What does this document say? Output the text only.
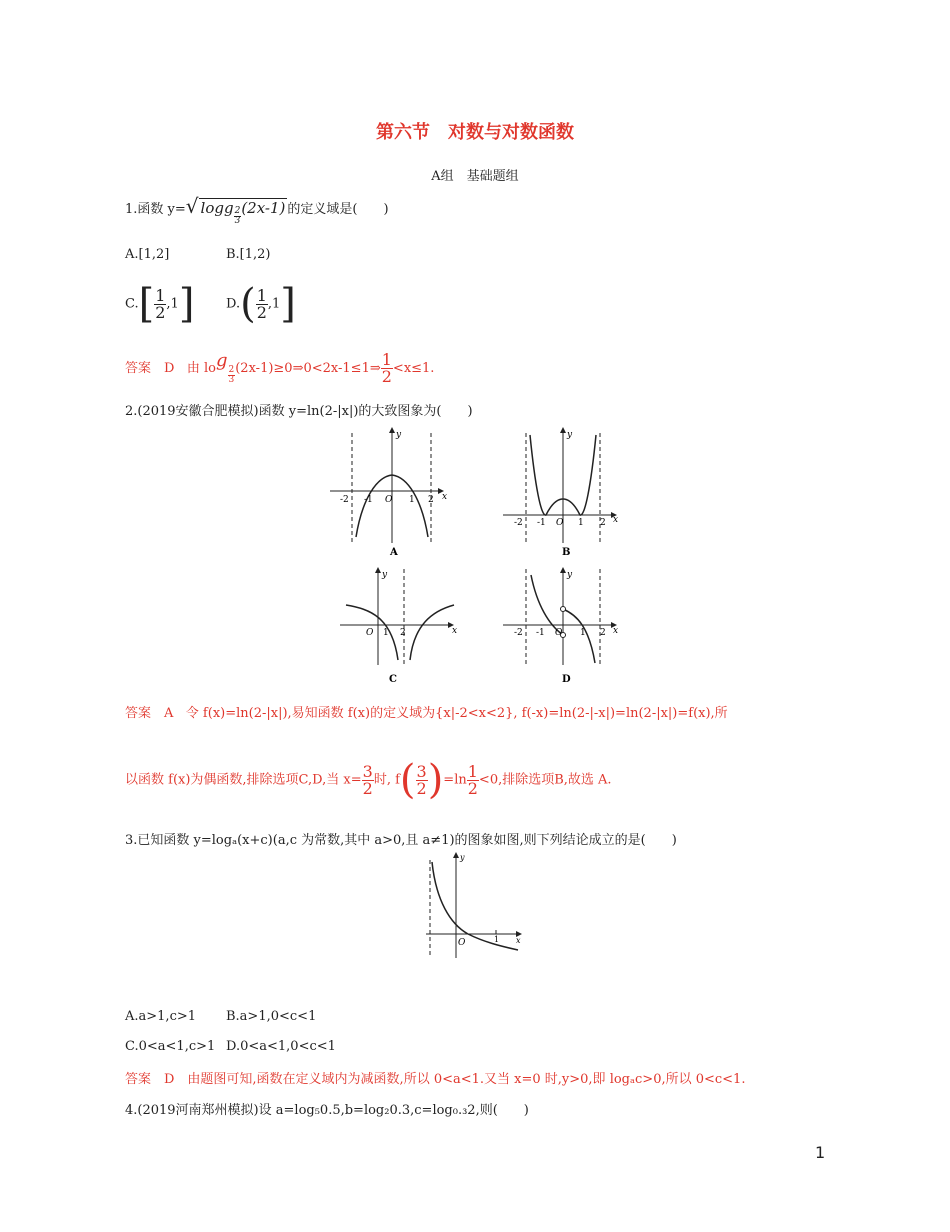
第六节　对数与对数函数
A组　基础题组
1.函数 y=√ logg $\frac{2}{3} (2x-1)$ 的定义域是(　　)
A.[1,2]	B.[1,2)
$C.[ \frac{1}{2} ,1]$ $D.( \frac{1}{2} ,1]$
答案　D 由 log
$\frac{2}{3}$ (2x-1)≥0⇒0<2x-1≤1⇒ $\frac{1}{2} <x\le 1$.
2.(2019安徽合肥模拟)函数 y=ln(2-|x|)的大致图象为(　　)
y
x
O
-2 -1	1 2
A
y
x
O
-2 -1	1 2
B
y
x
O 1 2
C
y
x
O
-2 -1	1 2
D
答案　A 令 f(x)=ln(2-|x|),易知函数 f(x)的定义域为{x|-2<x<2}, f(-x)=ln(2-|-x|)=ln(2-|x|)=f(x),所
以函数 f(x)为偶函数,排除选项C,D,当 $x= \frac{3}{2}$ 时, $f( \frac{3}{2} )=\ln \frac{1}{2} <0$,排除选项B,故选 A.
3.已知函数 y=logₐ(x+c)(a,c 为常数,其中 a>0,且 a≠1)的图象如图,则下列结论成立的是(　　)
y
x
O	1
A.a>1,c>1 B.a>1,0<c<1
C.0<a<1,c>1 D.0<a<1,0<c<1
答案　D　由题图可知,函数在定义域内为减函数,所以 0<a<1.又当 x=0 时,y>0,即 logₐc>0,所以 0<c<1.
4.(2019河南郑州模拟)设 a=log₅0.5,b=log₂0.3,c=log₀.₃2,则(　　)
1
